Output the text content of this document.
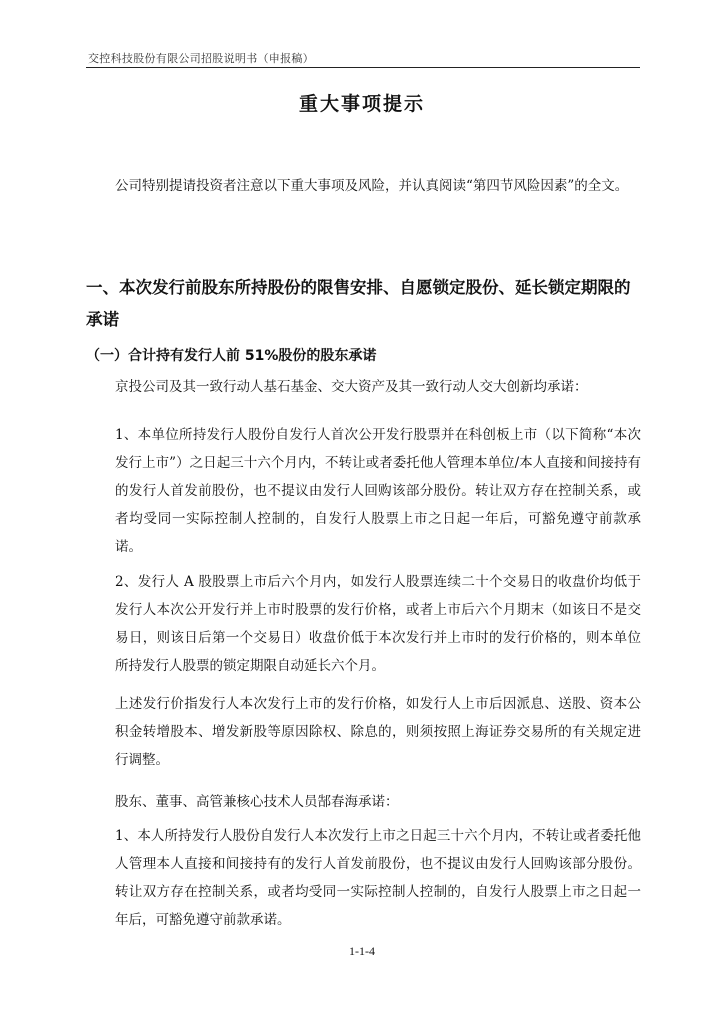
交控科技股份有限公司招股说明书（申报稿）
重大事项提示
公司特别提请投资者注意以下重大事项及风险，并认真阅读“第四节风险因素”的全文。
一、本次发行前股东所持股份的限售安排、自愿锁定股份、延长锁定期限的承诺
（一）合计持有发行人前 51%股份的股东承诺
京投公司及其一致行动人基石基金、交大资产及其一致行动人交大创新均承诺：
1、本单位所持发行人股份自发行人首次公开发行股票并在科创板上市（以下简称“本次发行上市”）之日起三十六个月内，不转让或者委托他人管理本单位/本人直接和间接持有的发行人首发前股份，也不提议由发行人回购该部分股份。转让双方存在控制关系，或者均受同一实际控制人控制的，自发行人股票上市之日起一年后，可豁免遵守前款承诺。
2、发行人 A 股股票上市后六个月内，如发行人股票连续二十个交易日的收盘价均低于发行人本次公开发行并上市时股票的发行价格，或者上市后六个月期末（如该日不是交易日，则该日后第一个交易日）收盘价低于本次发行并上市时的发行价格的，则本单位所持发行人股票的锁定期限自动延长六个月。
上述发行价指发行人本次发行上市的发行价格，如发行人上市后因派息、送股、资本公积金转增股本、增发新股等原因除权、除息的，则须按照上海证券交易所的有关规定进行调整。
股东、董事、高管兼核心技术人员郜春海承诺：
1、本人所持发行人股份自发行人本次发行上市之日起三十六个月内，不转让或者委托他人管理本人直接和间接持有的发行人首发前股份，也不提议由发行人回购该部分股份。转让双方存在控制关系，或者均受同一实际控制人控制的，自发行人股票上市之日起一年后，可豁免遵守前款承诺。
1-1-4
